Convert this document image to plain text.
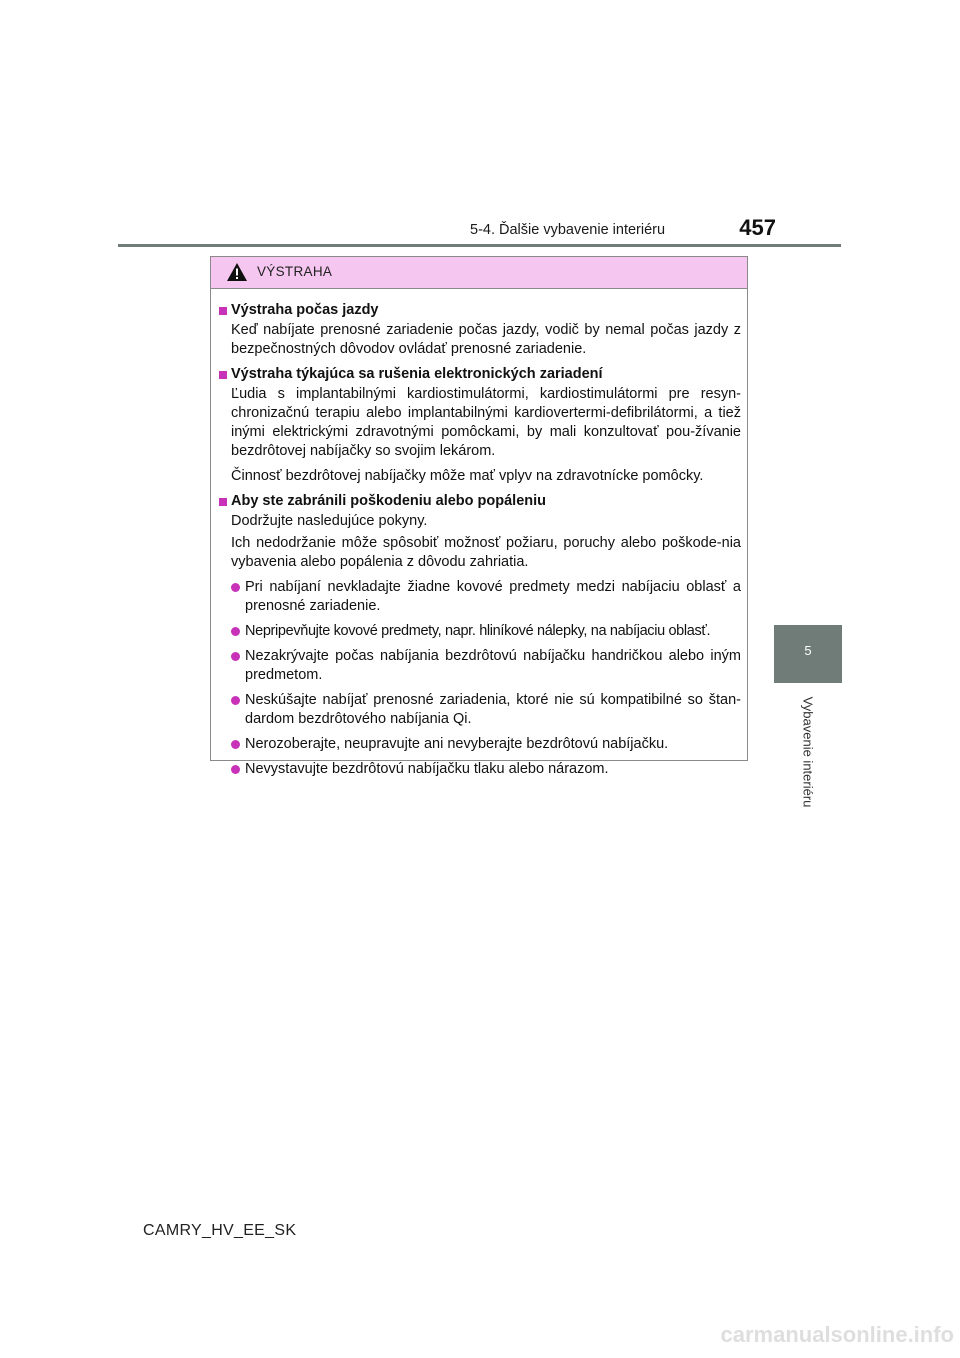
5-4. Ďalšie vybavenie interiéru	457
5
Vybavenie interiéru
VÝSTRAHA
Výstraha počas jazdy
Keď nabíjate prenosné zariadenie počas jazdy, vodič by nemal počas jazdy z bezpečnostných dôvodov ovládať prenosné zariadenie.
Výstraha týkajúca sa rušenia elektronických zariadení
Ľudia s implantabilnými kardiostimulátormi, kardiostimulátormi pre resyn-chronizačnú terapiu alebo implantabilnými kardiovertermi-defibrilátormi, a tiež inými elektrickými zdravotnými pomôckami, by mali konzultovať pou-žívanie bezdrôtovej nabíjačky so svojim lekárom.
Činnosť bezdrôtovej nabíjačky môže mať vplyv na zdravotnícke pomôcky.
Aby ste zabránili poškodeniu alebo popáleniu
Dodržujte nasledujúce pokyny.
Ich nedodržanie môže spôsobiť možnosť požiaru, poruchy alebo poškode-nia vybavenia alebo popálenia z dôvodu zahriatia.
Pri nabíjaní nevkladajte žiadne kovové predmety medzi nabíjaciu oblasť a prenosné zariadenie.
Nepripevňujte kovové predmety, napr. hliníkové nálepky, na nabíjaciu oblasť.
Nezakrývajte počas nabíjania bezdrôtovú nabíjačku handričkou alebo iným predmetom.
Neskúšajte nabíjať prenosné zariadenia, ktoré nie sú kompatibilné so štan-dardom bezdrôtového nabíjania Qi.
Nerozoberajte, neupravujte ani nevyberajte bezdrôtovú nabíjačku.
Nevystavujte bezdrôtovú nabíjačku tlaku alebo nárazom.
CAMRY_HV_EE_SK
carmanualsonline.info
